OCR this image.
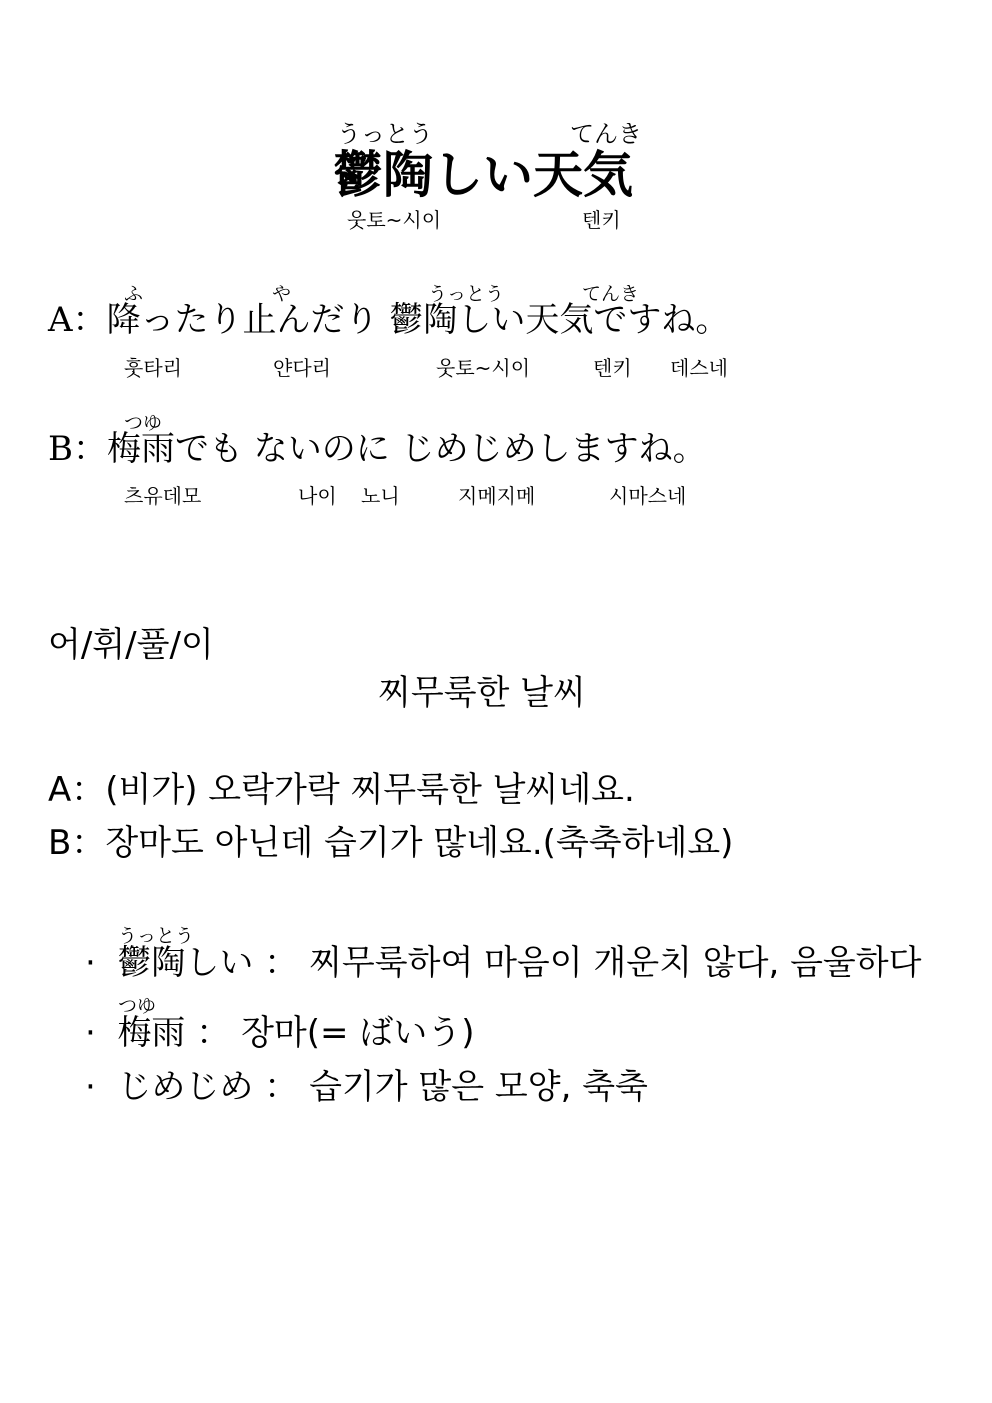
うっとう	てんき
鬱陶しい天気
웃토~시이	텐키
ふ	や	うっとう	てんき
A：降ったり止んだり 鬱陶しい天気ですね。
훗타리	얀다리	웃토~시이	텐키 데스네
つゆ
B：梅雨でも ないのに じめじめしますね。
츠유데모	나이 노니	지메지메	시마스네
어/휘/풀/이
찌무룩한 날씨
A：(비가) 오락가락 찌무룩한 날씨네요.
B：장마도 아닌데 습기가 많네요.(축축하네요)
うっとう
· 鬱陶しい ： 찌무룩하여 마음이 개운치 않다, 음울하다
つゆ
· 梅雨 ： 장마(= ばいう)
· じめじめ ： 습기가 많은 모양, 축축
